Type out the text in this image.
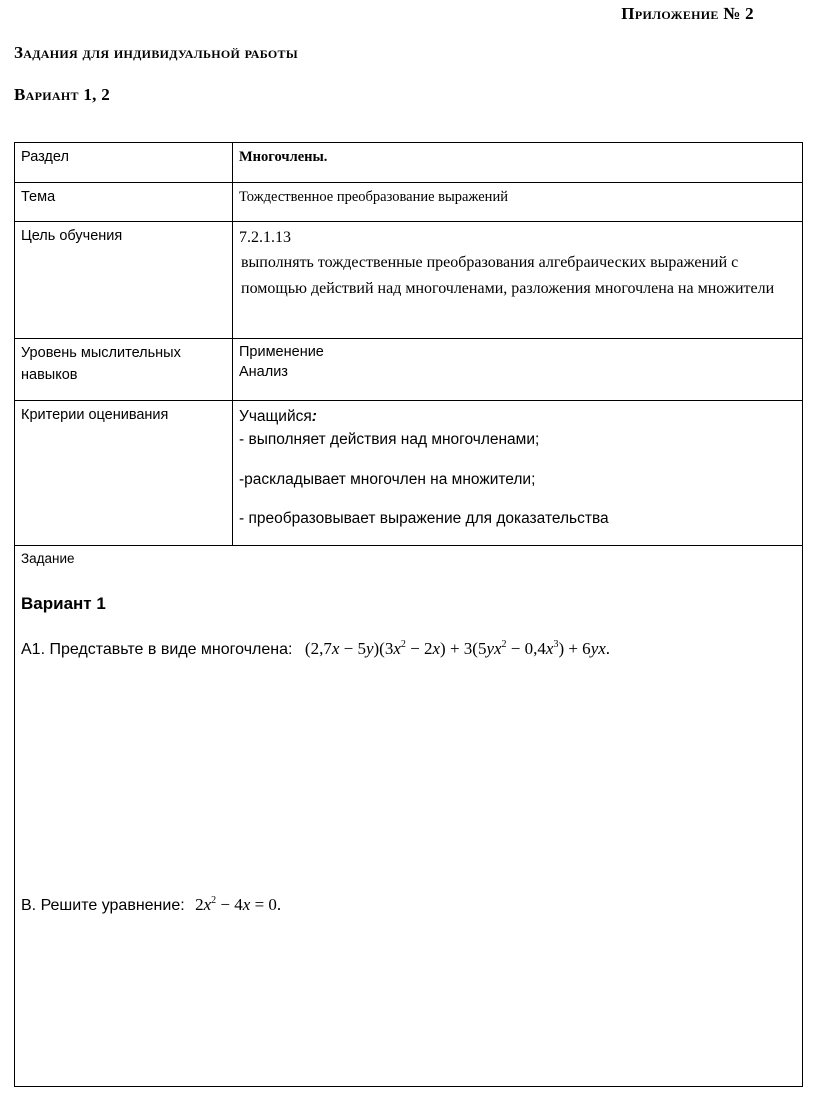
Приложение № 2
Задания для индивидуальной работы
Вариант 1, 2
Раздел	Многочлены.
Тема	Тождественное преобразование выражений
Цель обучения	7.2.1.13
выполнять тождественные преобразования алгебраических выражений с помощью действий над многочленами, разложения многочлена на множители

Уровень мыслительных навыков	Применение
Анализ

Критерии оценивания	Учащийся:
- выполняет действия над многочленами;
-раскладывает многочлен на множители;
- преобразовывает выражение для доказательства

Задание
Вариант 1
А1. Представьте в виде многочлена: $(2,7x - 5y)(3x^2 - 2x) + 3(5yx^2 - 0,4x^3) + 6yx$.
В. Решите уравнение: $2x^2 - 4x = 0$.	
